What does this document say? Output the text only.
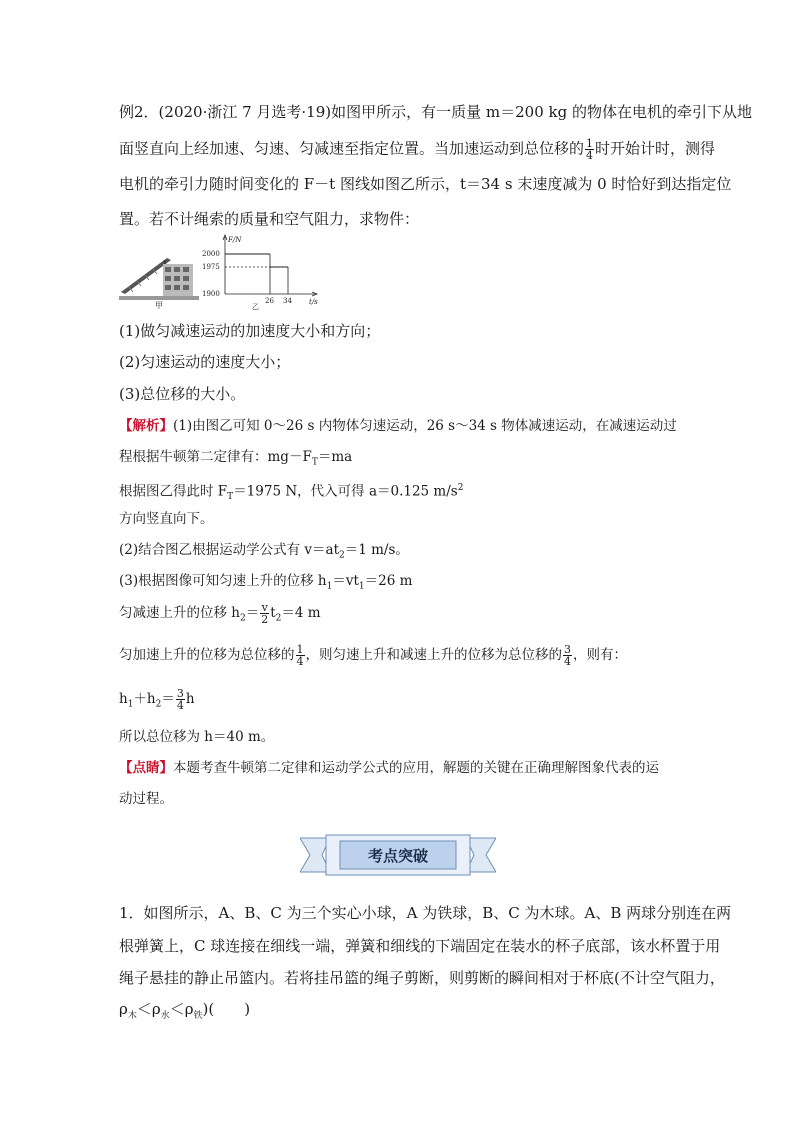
例2．(2020·浙江 7 月选考·19)如图甲所示，有一质量 m＝200 kg 的物体在电机的牵引下从地
面竖直向上经加速、匀速、匀减速至指定位置。当加速运动到总位移的 $\frac{1}{4}$ 时开始计时，测得
电机的牵引力随时间变化的 F－t 图线如图乙所示，t＝34 s 末速度减为 0 时恰好到达指定位
置。若不计绳索的质量和空气阻力，求物件：
甲
F/N
t/s
2000
1975
1900
26 34
乙
(1)做匀减速运动的加速度大小和方向；
(2)匀速运动的速度大小；
(3)总位移的大小。
【解析】(1)由图乙可知 0～26 s 内物体匀速运动，26 s～34 s 物体减速运动，在减速运动过
程根据牛顿第二定律有：$mg-F_T=ma$
根据图乙得此时 $F_T=1975$ N，代入可得 a＝0.125 $m/s^2$
方向竖直向下。
(2)结合图乙根据运动学公式有 $v=at_2=1$ m/s。
(3)根据图像可知匀速上升的位移 $h_1=vt_1=26$ m
匀减速上升的位移 $h_2= \frac{v}{2} t_2=4$ m
匀加速上升的位移为总位移的 $\frac{1}{4}$ ，则匀速上升和减速上升的位移为总位移的 $\frac{3}{4}$ ，则有：
$h_1+h_2= \frac{3}{4}$ h
所以总位移为 h＝40 m。
【点睛】本题考查牛顿第二定律和运动学公式的应用，解题的关键在正确理解图象代表的运
动过程。
考点突破
1．如图所示，A、B、C 为三个实心小球，A 为铁球，B、C 为木球。A、B 两球分别连在两
根弹簧上，C 球连接在细线一端，弹簧和细线的下端固定在装水的杯子底部，该水杯置于用
绳子悬挂的静止吊篮内。若将挂吊篮的绳子剪断，则剪断的瞬间相对于杯底(不计空气阻力，
$\rho_木<\rho_水<\rho_铁$)(　　)
